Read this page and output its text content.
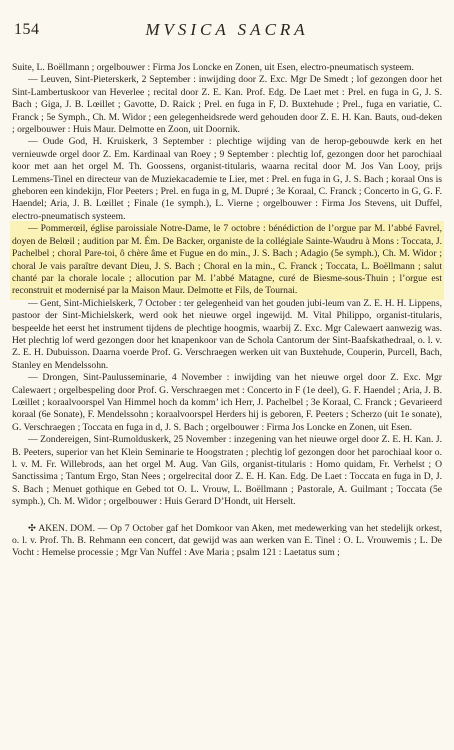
154	MVSICA SACRA

Suite, L. Boëllmann ; orgelbouwer : Firma Jos Loncke en Zonen, uit Esen, electro-pneumatisch systeem.

— Leuven, Sint-Pieterskerk, 2 September : inwijding door Z. Exc. Mgr De Smedt ; lof gezongen door het Sint-Lambertuskoor van Heverlee ; recital door Z. E. Kan. Prof. Edg. De Laet met : Prel. en fuga in G, J. S. Bach ; Giga, J. B. Lœillet ; Gavotte, D. Raick ; Prel. en fuga in F, D. Buxtehude ; Prel., fuga en variatie, C. Franck ; 5e Symph., Ch. M. Widor ; een gelegenheidsrede werd gehouden door Z. E. H. Kan. Bauts, oud-deken ; orgelbouwer : Huis Maur. Delmotte en Zoon, uit Doornik.

— Oude God, H. Kruiskerk, 3 September : plechtige wijding van de herop-gebouwde kerk en het vernieuwde orgel door Z. Em. Kardinaal van Roey ; 9 September : plechtig lof, gezongen door het parochiaal koor met aan het orgel M. Th. Goossens, organist-titularis, waarna recital door M. Jos Van Looy, prijs Lemmens-Tinel en directeur van de Muziekacademie te Lier, met : Prel. en fuga in G, J. S. Bach ; koraal Ons is gheboren een kindekijn, Flor Peeters ; Prel. en fuga in g, M. Dupré ; 3e Koraal, C. Franck ; Concerto in G, G. F. Haendel; Aria, J. B. Lœillet ; Finale (1e symph.), L. Vierne ; orgelbouwer : Firma Jos Stevens, uit Duffel, electro-pneumatisch systeem.

— Pommerœil, église paroissiale Notre-Dame, le 7 octobre : bénédiction de l’orgue par M. l’abbé Favrel, doyen de Belœil ; audition par M. Ém. De Backer, organiste de la collégiale Sainte-Waudru à Mons : Toccata, J. Pachelbel ; choral Pare-toi, ô chère âme et Fugue en do min., J. S. Bach ; Adagio (5e symph.), Ch. M. Widor ; choral Je vais paraître devant Dieu, J. S. Bach ; Choral en la min., C. Franck ; Toccata, L. Boëllmann ; salut chanté par la chorale locale ; allocution par M. l’abbé Matagne, curé de Biesme-sous-Thuin ; l’orgue est reconstruit et modernisé par la Maison Maur. Delmotte et Fils, de Tournai.

— Gent, Sint-Michielskerk, 7 October : ter gelegenheid van het gouden jubi-leum van Z. E. H. H. Lippens, pastoor der Sint-Michielskerk, werd ook het nieuwe orgel ingewijd. M. Vital Philippo, organist-titularis, bespeelde het eerst het instrument tijdens de plechtige hoogmis, waarbij Z. Exc. Mgr Calewaert aanwezig was. Het plechtig lof werd gezongen door het knapenkoor van de Schola Cantorum der Sint-Baafskathedraal, o. l. v. Z. E. H. Dubuisson. Daarna voerde Prof. G. Verschraegen werken uit van Buxtehude, Couperin, Purcell, Bach, Stanley en Mendelssohn.

— Drongen, Sint-Paulusseminarie, 4 November : inwijding van het nieuwe orgel door Z. Exc. Mgr Calewaert ; orgelbespeling door Prof. G. Verschraegen met : Concerto in F (1e deel), G. F. Haendel ; Aria, J. B. Lœillet ; koraalvoorspel Van Himmel hoch da komm’ ich Herr, J. Pachelbel ; 3e Koraal, C. Franck ; Gevarieerd koraal (6e Sonate), F. Mendelssohn ; koraalvoorspel Herders hij is geboren, F. Peeters ; Scherzo (uit 1e sonate), G. Verschraegen ; Toccata en fuga in d, J. S. Bach ; orgelbouwer : Firma Jos Loncke en Zonen, uit Esen.

— Zondereigen, Sint-Rumolduskerk, 25 November : inzegening van het nieuwe orgel door Z. E. H. Kan. J. B. Peeters, superior van het Klein Seminarie te Hoogstraten ; plechtig lof gezongen door het parochiaal koor o. l. v. M. Fr. Willebrods, aan het orgel M. Aug. Van Gils, organist-titularis : Homo quidam, Fr. Verhelst ; O Sanctissima ; Tantum Ergo, Stan Nees ; orgelrecital door Z. E. H. Kan. Edg. De Laet : Toccata en fuga in D, J. S. Bach ; Menuet gothique en Gebed tot O. L. Vrouw, L. Boëllmann ; Pastorale, A. Guilmant ; Toccata (5e symph.), Ch. M. Widor ; orgelbouwer : Huis Gerard D’Hondt, uit Herselt.

✣ AKEN. DOM. — Op 7 October gaf het Domkoor van Aken, met medewerking van het stedelijk orkest, o. l. v. Prof. Th. B. Rehmann een concert, dat gewijd was aan werken van E. Tinel : O. L. Vrouwemis ; L. De Vocht : Hemelse processie ; Mgr Van Nuffel : Ave Maria ; psalm 121 : Laetatus sum ;
